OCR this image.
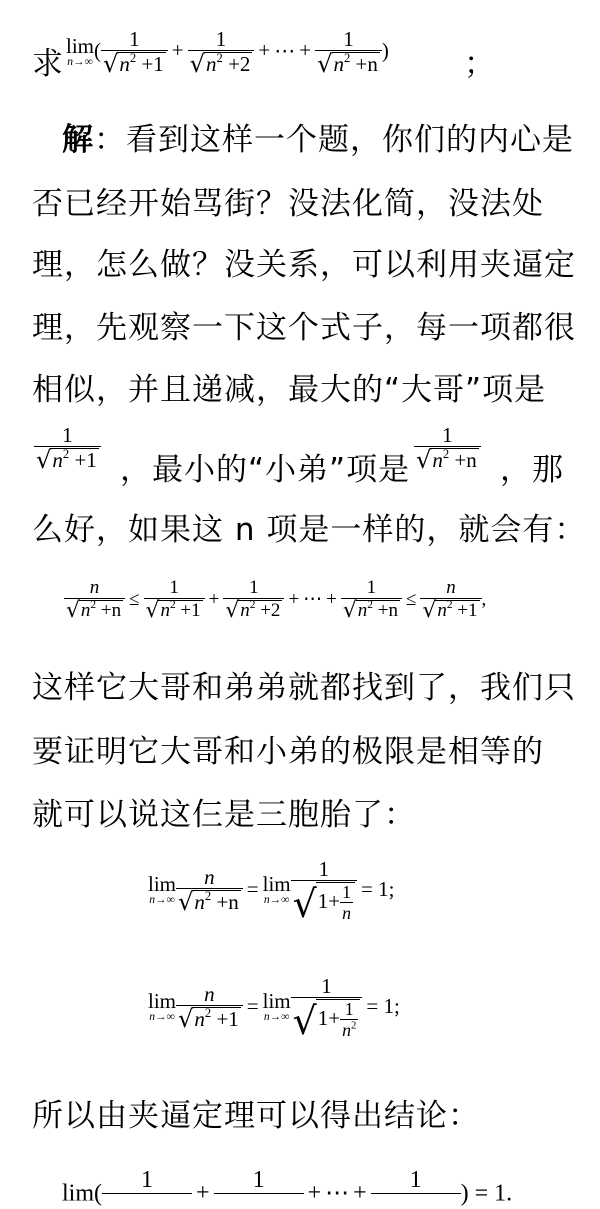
求 lim
n→∞ ( $\frac{1}{√ n^2 +1} + \frac{1}{√ n^2 +2}$ + ⋯ + $\frac{1}{√ n^2 +n}$ ) ；
解：看到这样一个题，你们的内心是
否已经开始骂街？没法化简，没法处
理，怎么做？没关系，可以利用夹逼定
理，先观察一下这个式子，每一项都很
相似，并且递减，最大的“大哥”项是
$\frac{1}{√ n^2 +1}$ ，最小的“小弟”项是 $\frac{1}{√ n^2 +n}$ ，那
么好，如果这 n 项是一样的，就会有：
$\frac{n}{√ n^2 +n} \le \frac{1}{√ n^2 +1} + \frac{1}{√ n^2 +2}$ + ⋯ + $\frac{1}{√ n^2 +n} \le \frac{n}{√ n^2 +1}$ ,
这样它大哥和弟弟就都找到了，我们只
要证明它大哥和小弟的极限是相等的
就可以说这仨是三胞胎了：
lim
$n\to\infty \frac{n}{√ n^2 +n} = \lim$
$n\to\infty \frac{1}{√ 1+ \frac{1}{n}} = 1$;
lim
$n\to\infty \frac{n}{√ n^2 +1} = \lim$
$n\to\infty \frac{1}{√ 1+ \frac{1}{n^2}} = 1$;
所以由夹逼定理可以得出结论：
lim(
1

+
1

+ ⋯ +
1

) = 1.
